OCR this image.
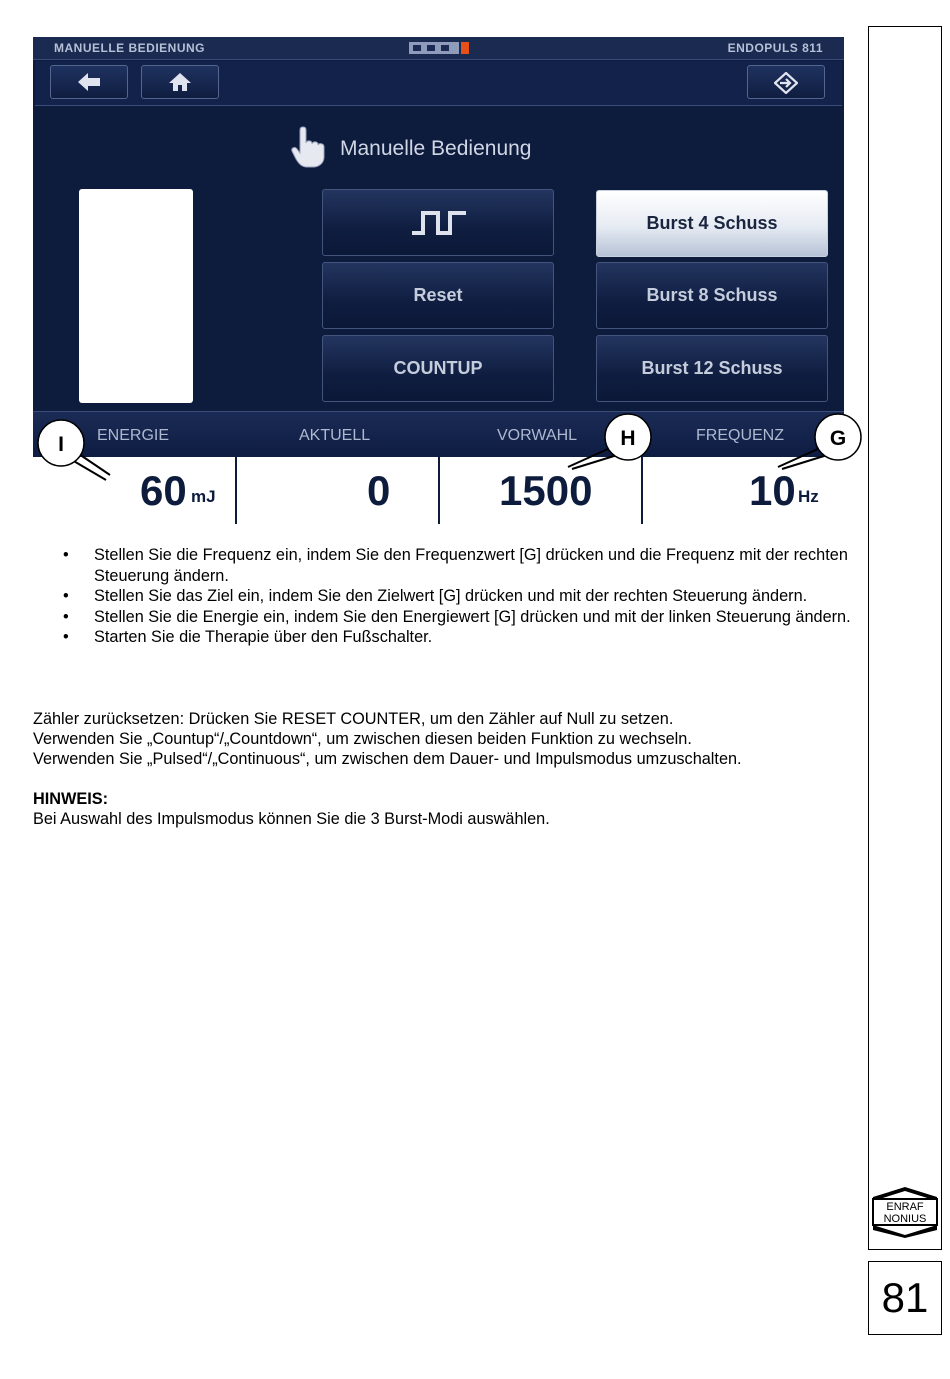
ENRAF
NONIUS
81
MANUELLE BEDIENUNG	ENDOPULS 811
Manuelle Bedienung
Reset
COUNTUP
Burst 4 Schuss
Burst 8 Schuss
Burst 12 Schuss
ENERGIE	AKTUELL	VORWAHL	FREQUENZ
60 mJ	0	1500	10 Hz
I	H	G
• Stellen Sie die Frequenz ein, indem Sie den Frequenzwert [G] drücken und die Frequenz mit der rechten Steuerung ändern.
• Stellen Sie das Ziel ein, indem Sie den Zielwert [G] drücken und mit der rechten Steuerung ändern.
• Stellen Sie die Energie ein, indem Sie den Energiewert [G] drücken und mit der linken Steuerung ändern.
• Starten Sie die Therapie über den Fußschalter.
Zähler zurücksetzen: Drücken Sie RESET COUNTER, um den Zähler auf Null zu setzen.
Verwenden Sie „Countup“/„Countdown“, um zwischen diesen beiden Funktion zu wechseln.
Verwenden Sie „Pulsed“/„Continuous“, um zwischen dem Dauer- und Impulsmodus umzuschalten.
HINWEIS:
Bei Auswahl des Impulsmodus können Sie die 3 Burst-Modi auswählen.
